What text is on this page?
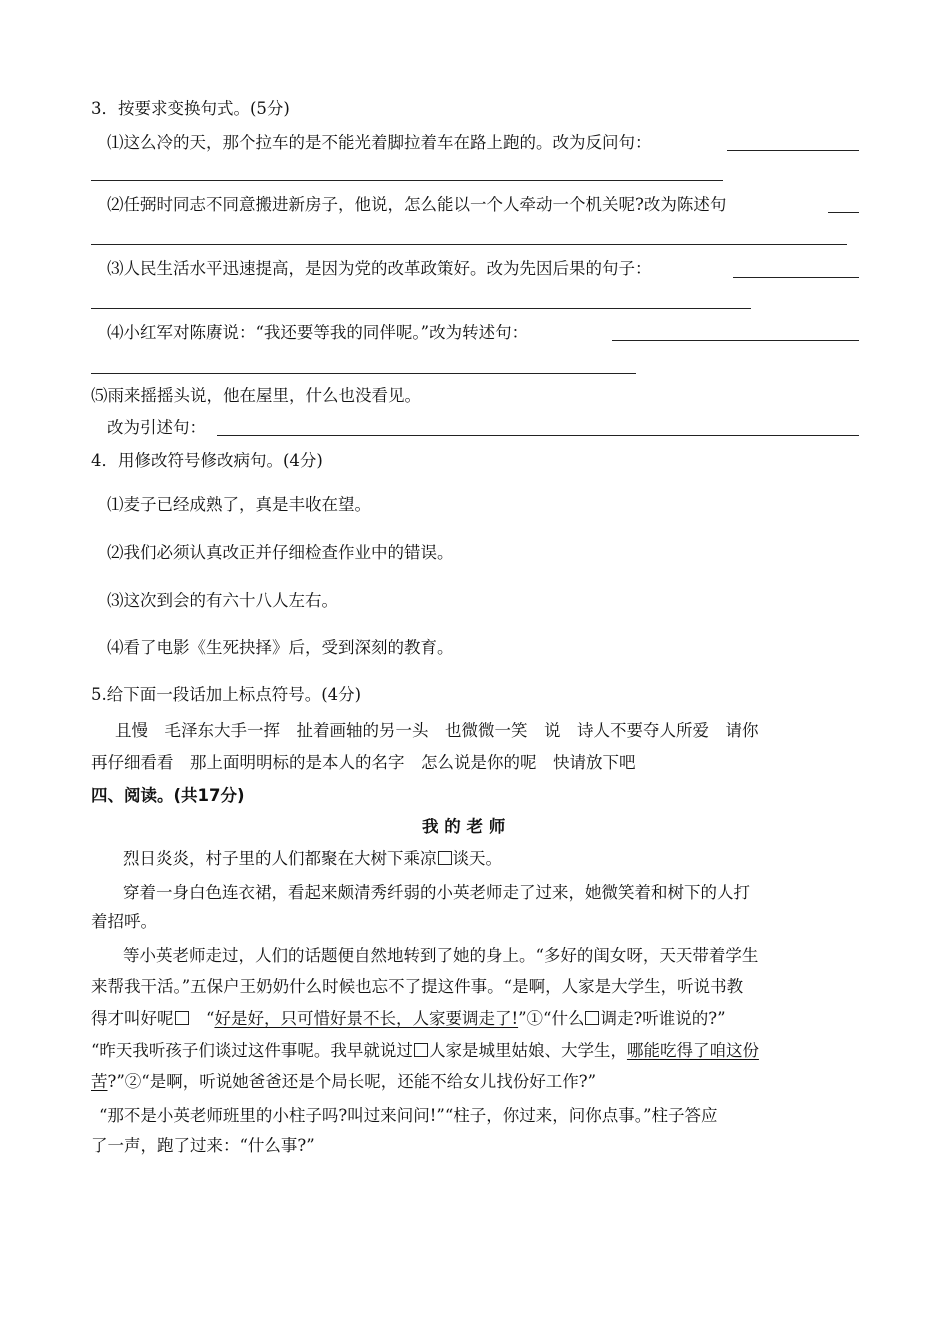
3．按要求变换句式。(5分)
⑴这么冷的天，那个拉车的是不能光着脚拉着车在路上跑的。改为反问句：
⑵任弼时同志不同意搬进新房子，他说，怎么能以一个人牵动一个机关呢?改为陈述句
⑶人民生活水平迅速提高，是因为党的改革政策好。改为先因后果的句子：
⑷小红军对陈赓说：“我还要等我的同伴呢。”改为转述句：
⑸雨来摇摇头说，他在屋里，什么也没看见。
改为引述句：
4．用修改符号修改病句。(4分)
⑴麦子已经成熟了，真是丰收在望。
⑵我们必须认真改正并仔细检查作业中的错误。
⑶这次到会的有六十八人左右。
⑷看了电影《生死抉择》后，受到深刻的教育。
5.给下面一段话加上标点符号。(4分)
且慢　毛泽东大手一挥　扯着画轴的另一头　也微微一笑　说　诗人不要夺人所爱　请你
再仔细看看　那上面明明标的是本人的名字　怎么说是你的呢　快请放下吧
四、阅读。(共17分)
我 的 老 师
烈日炎炎，村子里的人们都聚在大树下乘凉 谈天。
穿着一身白色连衣裙，看起来颇清秀纤弱的小英老师走了过来，她微笑着和树下的人打
着招呼。
等小英老师走过，人们的话题便自然地转到了她的身上。“多好的闺女呀，天天带着学生
来帮我干活。”五保户王奶奶什么时候也忘不了提这件事。“是啊，人家是大学生，听说书教
得才叫好呢　 “好是好，只可惜好景不长，人家要调走了!”①“什么 调走?听谁说的?”
“昨天我听孩子们谈过这件事呢。我早就说过 人家是城里姑娘、大学生，哪能吃得了咱这份
苦?”②“是啊，听说她爸爸还是个局长呢，还能不给女儿找份好工作?”
“那不是小英老师班里的小柱子吗?叫过来问问!”“柱子，你过来，问你点事。”柱子答应
了一声，跑了过来：“什么事?”
